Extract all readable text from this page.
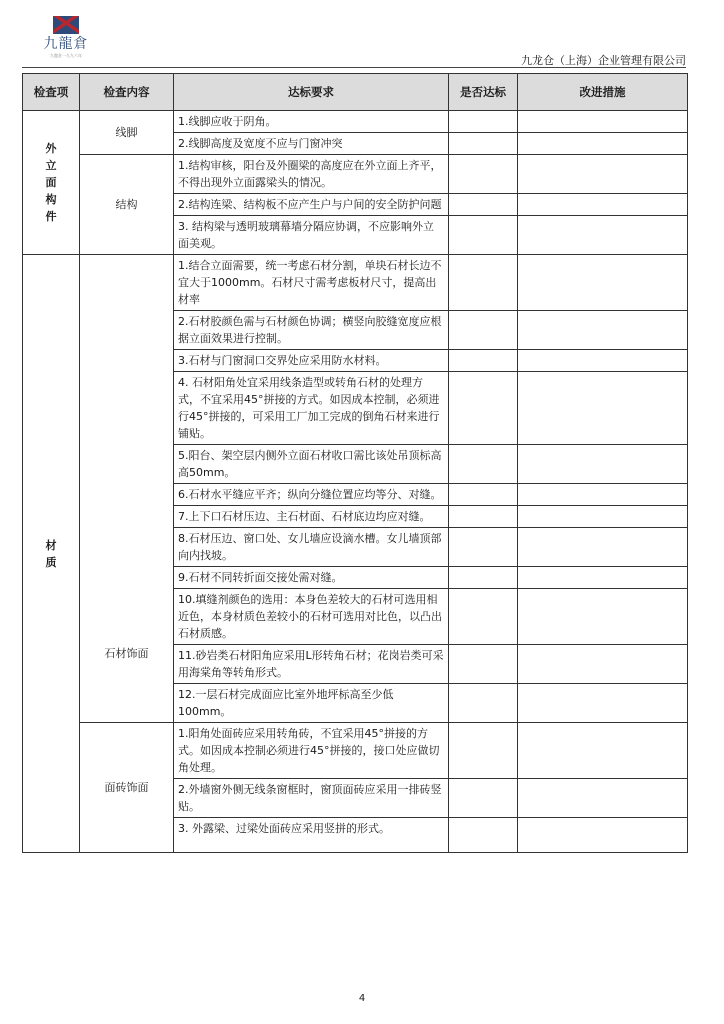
九龍倉
九龍倉一九九六年	九龙仓（上海）企业管理有限公司
检查项	检查内容	达标要求	是否达标	改进措施

外
立
面
构
件	线脚	1.线脚应收于阴角。		
		2.线脚高度及宽度不应与门窗冲突		
	结构	1.结构审核，阳台及外圈梁的高度应在外立面上齐平，不得出现外立面露梁头的情况。		
		2.结构连梁、结构板不应产生户与户间的安全防护问题		
		3. 结构梁与透明玻璃幕墙分隔应协调，不应影响外立面美观。		

材
质	石材饰面	1.结合立面需要，统一考虑石材分割，单块石材长边不宜大于1000mm。石材尺寸需考虑板材尺寸，提高出材率		
		2.石材胶颜色需与石材颜色协调；横竖向胶缝宽度应根据立面效果进行控制。		
		3.石材与门窗洞口交界处应采用防水材料。		
		4. 石材阳角处宜采用线条造型或转角石材的处理方式，不宜采用45°拼接的方式。如因成本控制，必须进行45°拼接的，可采用工厂加工完成的倒角石材来进行铺贴。		
		5.阳台、架空层内侧外立面石材收口需比该处吊顶标高高50mm。		
		6.石材水平缝应平齐；纵向分缝位置应均等分、对缝。		
		7.上下口石材压边、主石材面、石材底边均应对缝。		
		8.石材压边、窗口处、女儿墙应设滴水槽。女儿墙顶部向内找坡。		
		9.石材不同转折面交接处需对缝。		
		10.填缝剂颜色的选用：本身色差较大的石材可选用相近色，本身材质色差较小的石材可选用对比色，以凸出石材质感。		
		11.砂岩类石材阳角应采用L形转角石材；花岗岩类可采用海棠角等转角形式。		
		12.一层石材完成面应比室外地坪标高至少低100mm。		
	面砖饰面	1.阳角处面砖应采用转角砖，不宜采用45°拼接的方式。如因成本控制必须进行45°拼接的，接口处应做切角处理。		
		2.外墙窗外侧无线条窗框时，窗顶面砖应采用一排砖竖贴。		
		3. 外露梁、过梁处面砖应采用竖拼的形式。		
4
